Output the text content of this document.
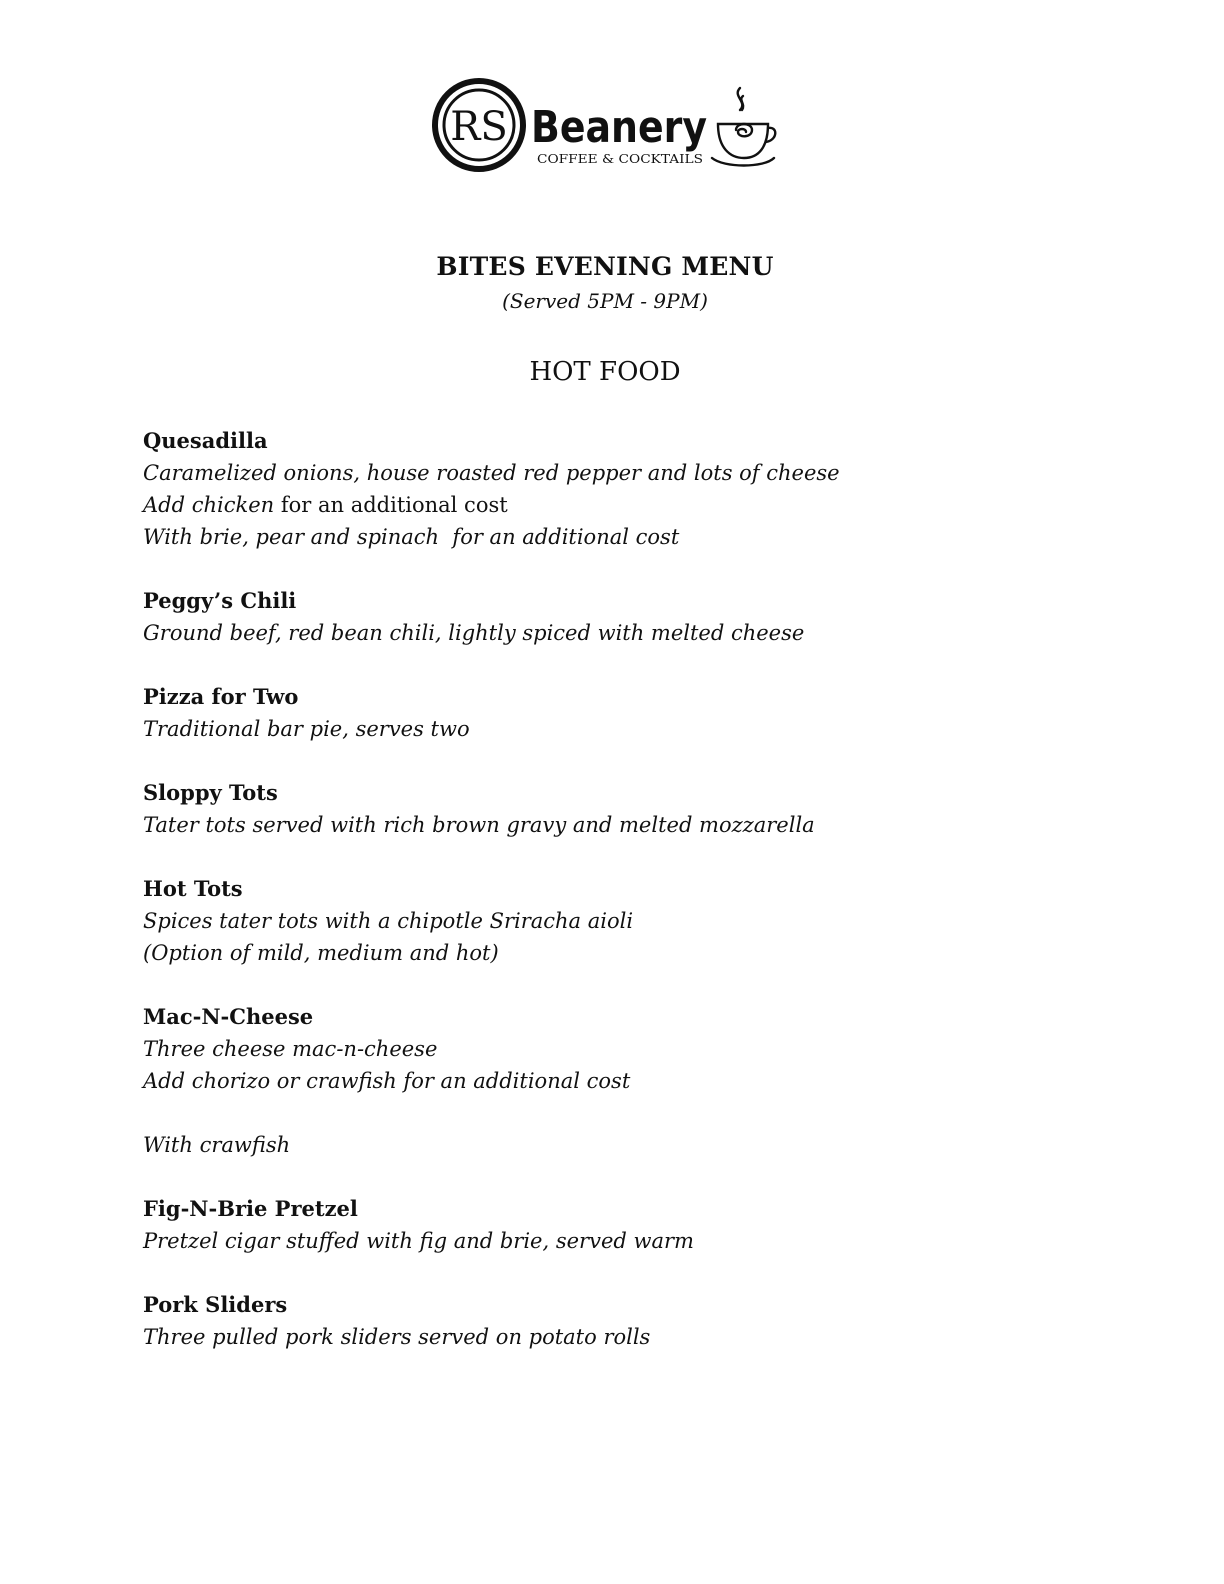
RS Beanery
COFFEE & COCKTAILS
BITES EVENING MENU
(Served 5PM - 9PM)
HOT FOOD
Quesadilla
Caramelized onions, house roasted red pepper and lots of cheese
Add chicken for an additional cost
With brie, pear and spinach  for an additional cost
Peggy’s Chili
Ground beef, red bean chili, lightly spiced with melted cheese
Pizza for Two
Traditional bar pie, serves two
Sloppy Tots
Tater tots served with rich brown gravy and melted mozzarella
Hot Tots
Spices tater tots with a chipotle Sriracha aioli
(Option of mild, medium and hot)
Mac-N-Cheese
Three cheese mac-n-cheese
Add chorizo or crawfish for an additional cost
With crawfish
Fig-N-Brie Pretzel
Pretzel cigar stuffed with fig and brie, served warm
Pork Sliders
Three pulled pork sliders served on potato rolls
